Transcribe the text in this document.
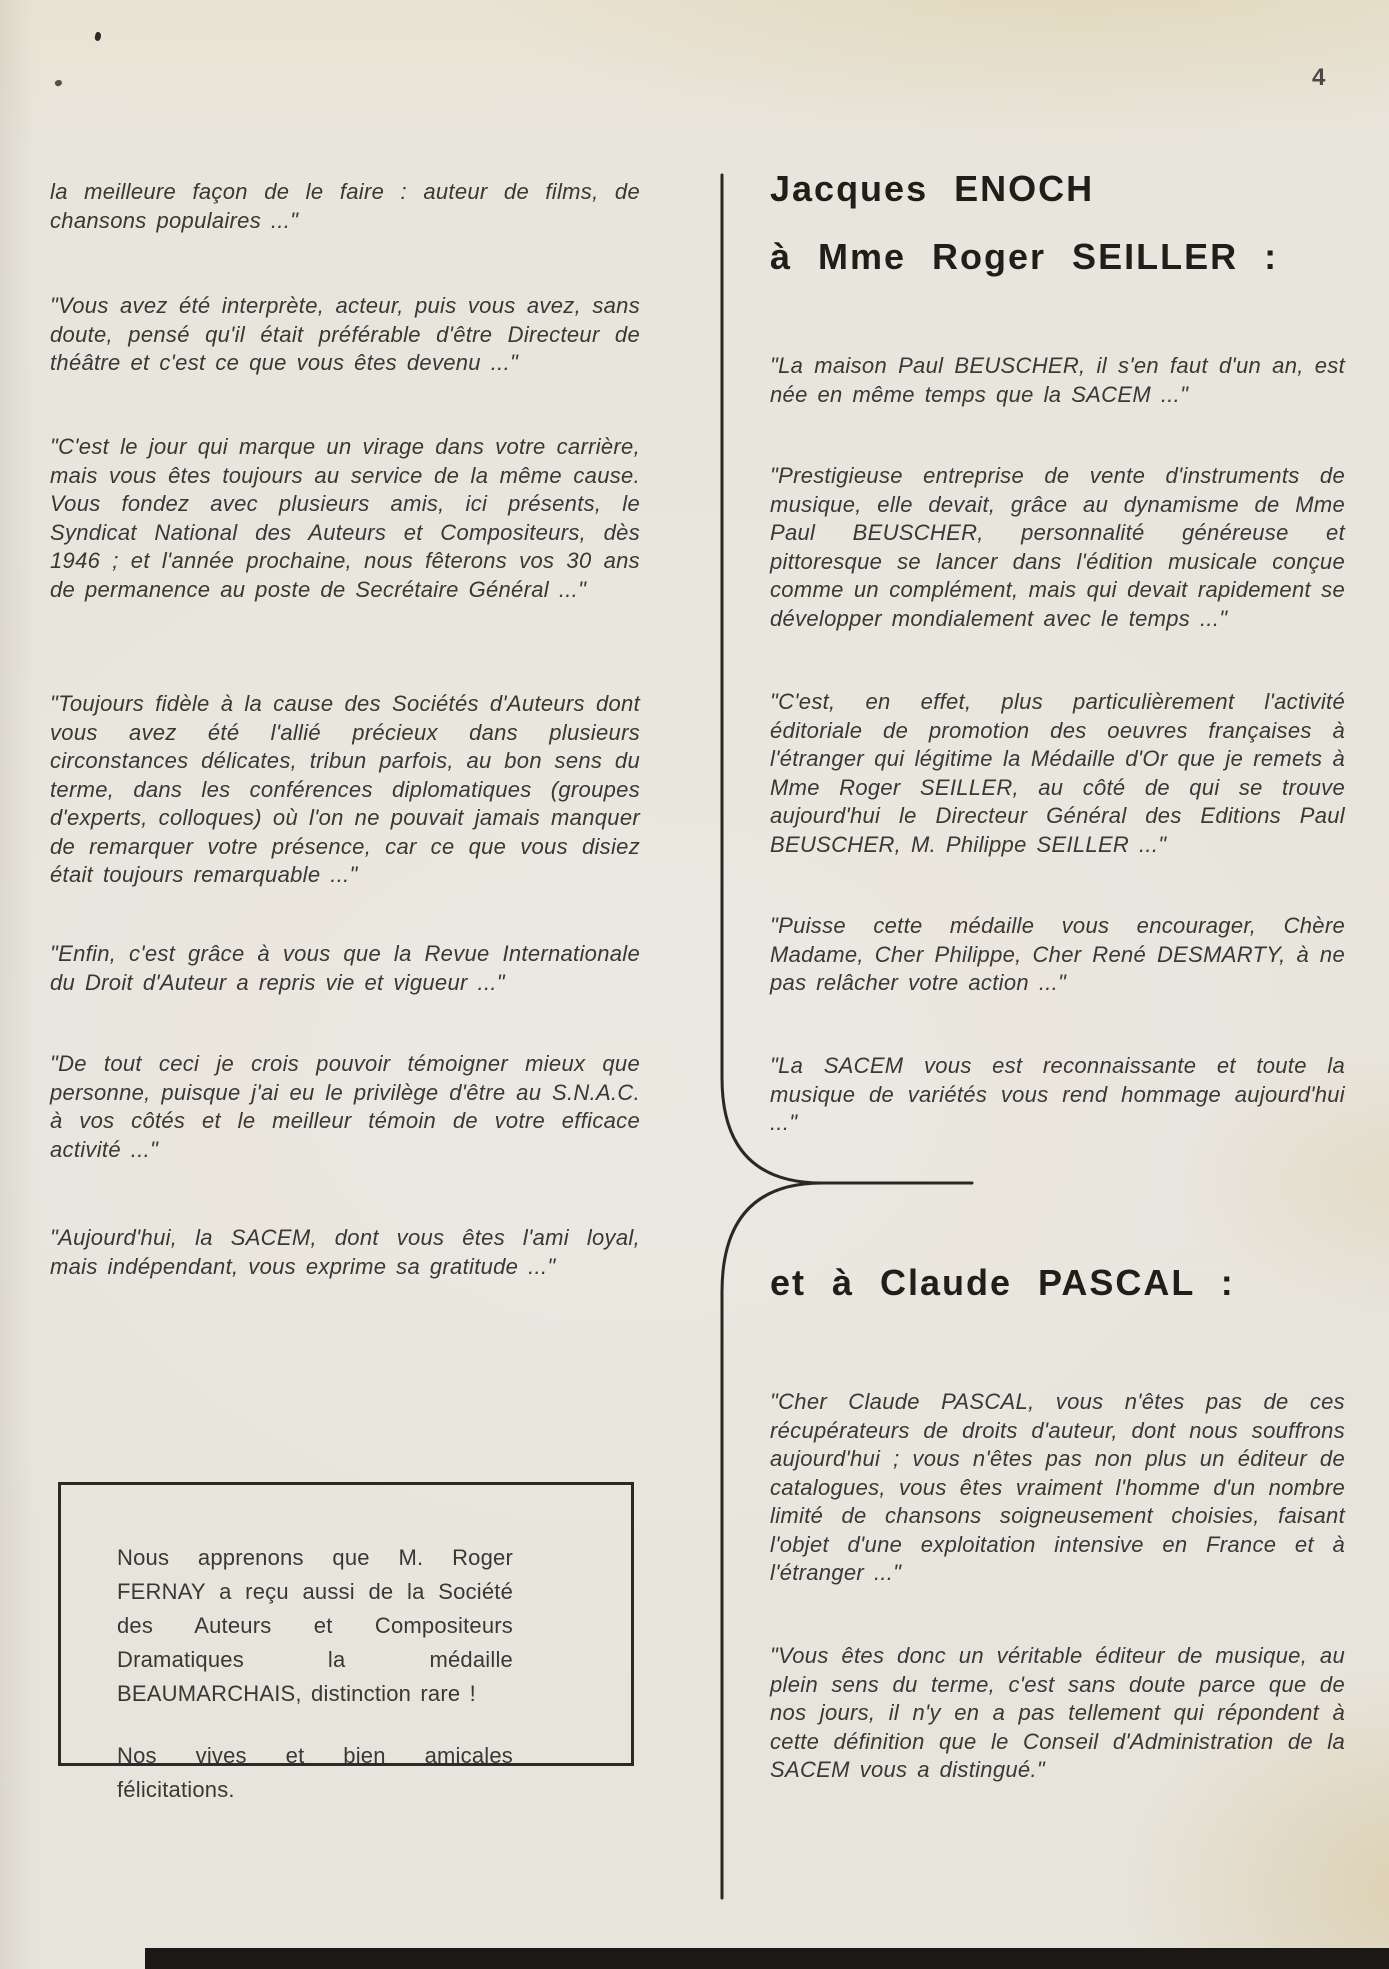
4

la meilleure façon de le faire : auteur de films, de chansons populaires ..."

"Vous avez été interprète, acteur, puis vous avez, sans doute, pensé qu'il était préférable d'être Directeur de théâtre et c'est ce que vous êtes devenu ..."

"C'est le jour qui marque un virage dans votre carrière, mais vous êtes toujours au service de la même cause. Vous fondez avec plusieurs amis, ici présents, le Syndicat National des Auteurs et Compositeurs, dès 1946 ; et l'année prochaine, nous fêterons vos 30 ans de permanence au poste de Secrétaire Général ..."

"Toujours fidèle à la cause des Sociétés d'Auteurs dont vous avez été l'allié précieux dans plusieurs circonstances délicates, tribun parfois, au bon sens du terme, dans les conférences diplomatiques (groupes d'experts, colloques) où l'on ne pouvait jamais manquer de remarquer votre présence, car ce que vous disiez était toujours remarquable ..."

"Enfin, c'est grâce à vous que la Revue Internationale du Droit d'Auteur a repris vie et vigueur ..."

"De tout ceci je crois pouvoir témoigner mieux que personne, puisque j'ai eu le privilège d'être au S.N.A.C. à vos côtés et le meilleur témoin de votre efficace activité ..."

"Aujourd'hui, la SACEM, dont vous êtes l'ami loyal, mais indépendant, vous exprime sa gratitude ..."

Nous apprenons que M. Roger FERNAY a reçu aussi de la Société des Auteurs et Compositeurs Dramatiques la médaille BEAUMARCHAIS, distinction rare !

Nos vives et bien amicales félicitations.

Jacques ENOCH
à Mme Roger SEILLER :

"La maison Paul BEUSCHER, il s'en faut d'un an, est née en même temps que la SACEM ..."

"Prestigieuse entreprise de vente d'instruments de musique, elle devait, grâce au dynamisme de Mme Paul BEUSCHER, personnalité généreuse et pittoresque se lancer dans l'édition musicale conçue comme un complément, mais qui devait rapidement se développer mondialement avec le temps ..."

"C'est, en effet, plus particulièrement l'activité éditoriale de promotion des oeuvres françaises à l'étranger qui légitime la Médaille d'Or que je remets à Mme Roger SEILLER, au côté de qui se trouve aujourd'hui le Directeur Général des Editions Paul BEUSCHER, M. Philippe SEILLER ..."

"Puisse cette médaille vous encourager, Chère Madame, Cher Philippe, Cher René DESMARTY, à ne pas relâcher votre action ..."

"La SACEM vous est reconnaissante et toute la musique de variétés vous rend hommage aujourd'hui ..."

et à Claude PASCAL :

"Cher Claude PASCAL, vous n'êtes pas de ces récupérateurs de droits d'auteur, dont nous souffrons aujourd'hui ; vous n'êtes pas non plus un éditeur de catalogues, vous êtes vraiment l'homme d'un nombre limité de chansons soigneusement choisies, faisant l'objet d'une exploitation intensive en France et à l'étranger ..."

"Vous êtes donc un véritable éditeur de musique, au plein sens du terme, c'est sans doute parce que de nos jours, il n'y en a pas tellement qui répondent à cette définition que le Conseil d'Administration de la SACEM vous a distingué."
